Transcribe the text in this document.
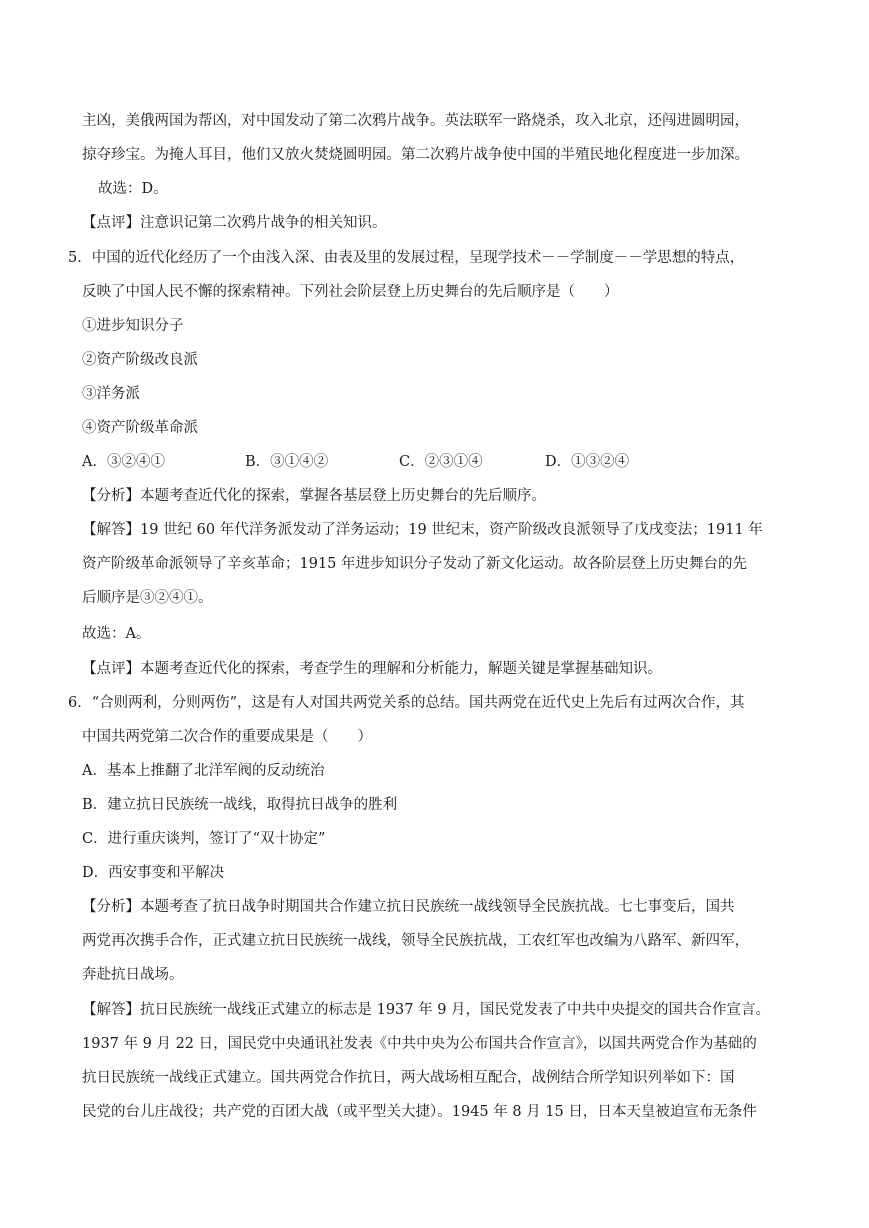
主凶，美俄两国为帮凶，对中国发动了第二次鸦片战争。英法联军一路烧杀，攻入北京，还闯进圆明园，
掠夺珍宝。为掩人耳目，他们又放火焚烧圆明园。第二次鸦片战争使中国的半殖民地化程度进一步加深。
故选：D。
【点评】注意识记第二次鸦片战争的相关知识。
5．中国的近代化经历了一个由浅入深、由表及里的发展过程，呈现学技术－－学制度－－学思想的特点，
反映了中国人民不懈的探索精神。下列社会阶层登上历史舞台的先后顺序是（　　）
①进步知识分子
②资产阶级改良派
③洋务派
④资产阶级革命派
A．③②④①	B．③①④②	C．②③①④	D．①③②④
【分析】本题考查近代化的探索，掌握各基层登上历史舞台的先后顺序。
【解答】19 世纪 60 年代洋务派发动了洋务运动；19 世纪末，资产阶级改良派领导了戊戌变法；1911 年
资产阶级革命派领导了辛亥革命；1915 年进步知识分子发动了新文化运动。故各阶层登上历史舞台的先
后顺序是③②④①。
故选：A。
【点评】本题考查近代化的探索，考查学生的理解和分析能力，解题关键是掌握基础知识。
6．“合则两利，分则两伤”，这是有人对国共两党关系的总结。国共两党在近代史上先后有过两次合作，其
中国共两党第二次合作的重要成果是（　　）
A．基本上推翻了北洋军阀的反动统治
B．建立抗日民族统一战线，取得抗日战争的胜利
C．进行重庆谈判，签订了“双十协定”
D．西安事变和平解决
【分析】本题考查了抗日战争时期国共合作建立抗日民族统一战线领导全民族抗战。七七事变后，国共
两党再次携手合作，正式建立抗日民族统一战线，领导全民族抗战，工农红军也改编为八路军、新四军，
奔赴抗日战场。
【解答】抗日民族统一战线正式建立的标志是 1937 年 9 月，国民党发表了中共中央提交的国共合作宣言。
1937 年 9 月 22 日，国民党中央通讯社发表《中共中央为公布国共合作宣言》，以国共两党合作为基础的
抗日民族统一战线正式建立。国共两党合作抗日，两大战场相互配合，战例结合所学知识列举如下：国
民党的台儿庄战役；共产党的百团大战（或平型关大捷）。1945 年 8 月 15 日，日本天皇被迫宣布无条件
